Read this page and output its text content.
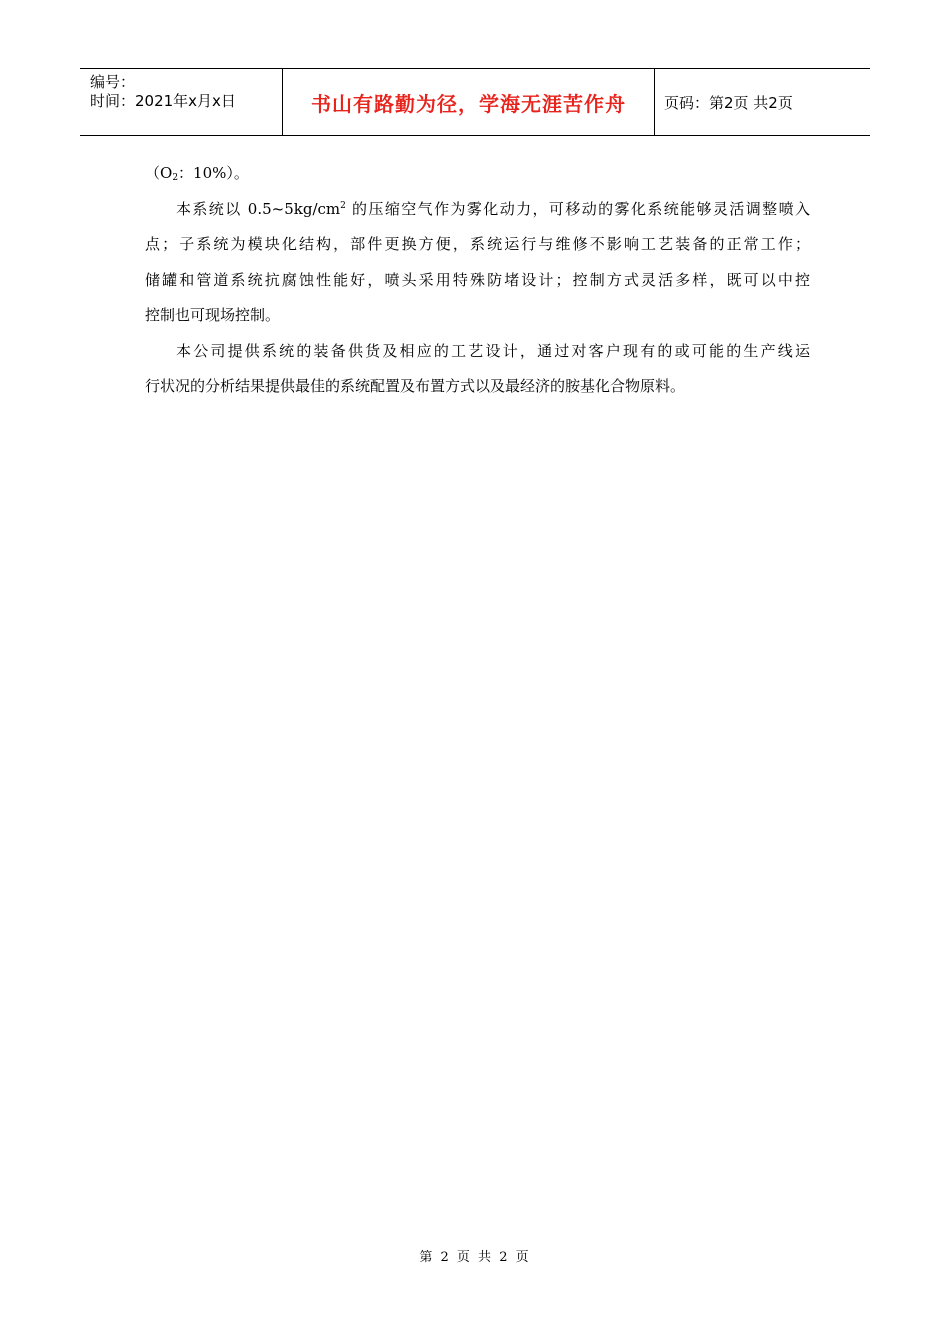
编号：
时间：2021年x月x日	书山有路勤为径，学海无涯苦作舟	页码：第2页 共2页
（$O_2$：10%）。
本系统以 $0.5\sim 5kg/cm^2$ 的压缩空气作为雾化动力，可移动的雾化系统能够灵活调整喷入
点；子系统为模块化结构，部件更换方便，系统运行与维修不影响工艺装备的正常工作；
储罐和管道系统抗腐蚀性能好，喷头采用特殊防堵设计；控制方式灵活多样，既可以中控
控制也可现场控制。
本公司提供系统的装备供货及相应的工艺设计，通过对客户现有的或可能的生产线运
行状况的分析结果提供最佳的系统配置及布置方式以及最经济的胺基化合物原料。
第 2 页 共 2 页
